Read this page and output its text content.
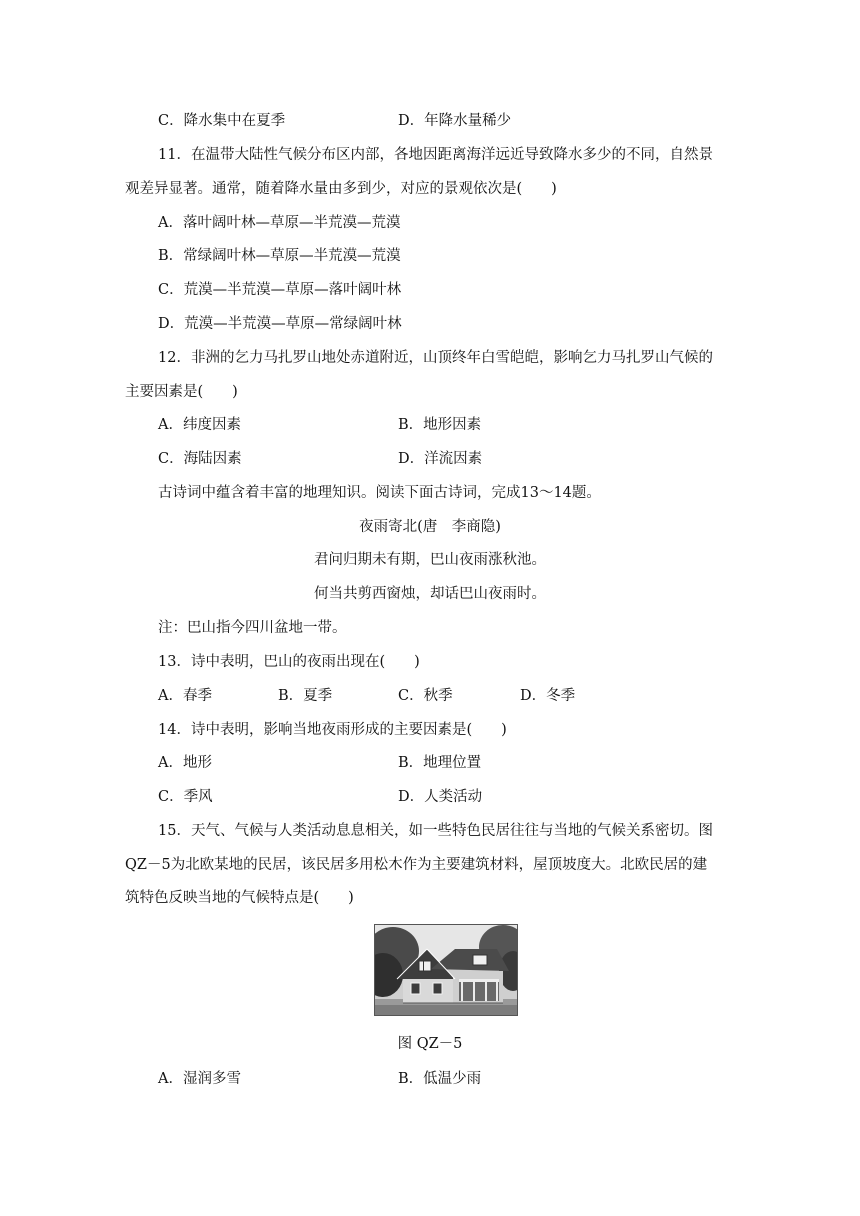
C．降水集中在夏季	D．年降水量稀少
11．在温带大陆性气候分布区内部，各地因距离海洋远近导致降水多少的不同，自然景
观差异显著。通常，随着降水量由多到少，对应的景观依次是(　　)
A．落叶阔叶林—草原—半荒漠—荒漠
B．常绿阔叶林—草原—半荒漠—荒漠
C．荒漠—半荒漠—草原—落叶阔叶林
D．荒漠—半荒漠—草原—常绿阔叶林
12．非洲的乞力马扎罗山地处赤道附近，山顶终年白雪皑皑，影响乞力马扎罗山气候的
主要因素是(　　)
A．纬度因素	B．地形因素
C．海陆因素	D．洋流因素
古诗词中蕴含着丰富的地理知识。阅读下面古诗词，完成13～14题。
夜雨寄北(唐　李商隐)
君问归期未有期，巴山夜雨涨秋池。
何当共剪西窗烛，却话巴山夜雨时。
注：巴山指今四川盆地一带。
13．诗中表明，巴山的夜雨出现在(　　)
A．春季	B．夏季	C．秋季	D．冬季
14．诗中表明，影响当地夜雨形成的主要因素是(　　)
A．地形	B．地理位置
C．季风	D．人类活动
15．天气、气候与人类活动息息相关，如一些特色民居往往与当地的气候关系密切。图
QZ－5为北欧某地的民居，该民居多用松木作为主要建筑材料，屋顶坡度大。北欧民居的建
筑特色反映当地的气候特点是(　　)
图 QZ－5
A．湿润多雪	B．低温少雨
